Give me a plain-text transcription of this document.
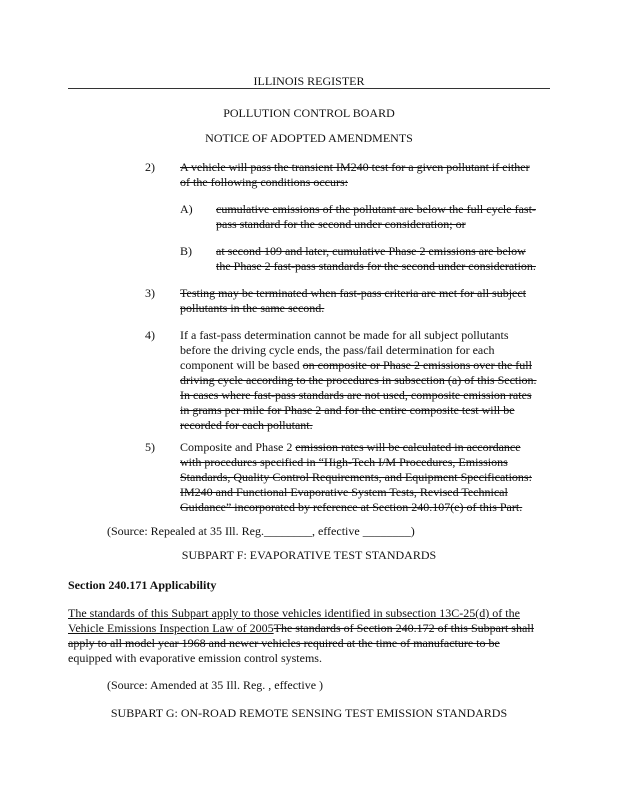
ILLINOIS REGISTER
POLLUTION CONTROL BOARD
NOTICE OF ADOPTED AMENDMENTS
2) A vehicle will pass the transient IM240 test for a given pollutant if either
of the following conditions occurs:
A) cumulative emissions of the pollutant are below the full cycle fast-
pass standard for the second under consideration; or
B) at second 109 and later, cumulative Phase 2 emissions are below
the Phase 2 fast-pass standards for the second under consideration.
3) Testing may be terminated when fast-pass criteria are met for all subject
pollutants in the same second.
4) If a fast-pass determination cannot be made for all subject pollutants
before the driving cycle ends, the pass/fail determination for each
component will be based on composite or Phase 2 emissions over the full
driving cycle according to the procedures in subsection (a) of this Section.
In cases where fast-pass standards are not used, composite emission rates
in grams per mile for Phase 2 and for the entire composite test will be
recorded for each pollutant.
5) Composite and Phase 2 emission rates will be calculated in accordance
with procedures specified in “High-Tech I/M Procedures, Emissions
Standards, Quality Control Requirements, and Equipment Specifications:
IM240 and Functional Evaporative System Tests, Revised Technical
Guidance” incorporated by reference at Section 240.107(e) of this Part.
(Source: Repealed at 35 Ill. Reg.________, effective ________)
SUBPART F: EVAPORATIVE TEST STANDARDS
Section 240.171 Applicability
The standards of this Subpart apply to those vehicles identified in subsection 13C-25(d) of the
Vehicle Emissions Inspection Law of 2005The standards of Section 240.172 of this Subpart shall
apply to all model year 1968 and newer vehicles required at the time of manufacture to be
equipped with evaporative emission control systems.
(Source: Amended at 35 Ill. Reg. , effective )
SUBPART G: ON-ROAD REMOTE SENSING TEST EMISSION STANDARDS
